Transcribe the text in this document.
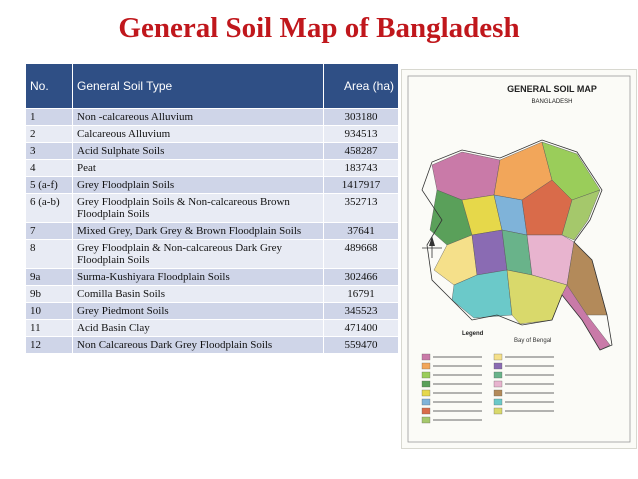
General Soil Map of Bangladesh
No.	General Soil Type	Area (ha)
1	Non -calcareous Alluvium	303180
2	Calcareous Alluvium	934513
3	Acid Sulphate Soils	458287
4	Peat	183743
5 (a-f)	Grey Floodplain Soils	1417917
6 (a-b)	Grey Floodplain Soils & Non-calcareous Brown Floodplain Soils	352713
7	Mixed Grey, Dark Grey & Brown Floodplain Soils	37641
8	Grey Floodplain & Non-calcareous Dark Grey Floodplain Soils	489668
9a	Surma-Kushiyara Floodplain Soils	302466
9b	Comilla Basin Soils	16791
10	Grey Piedmont Soils	345523
11	Acid Basin Clay	471400
12	Non Calcareous Dark Grey Floodplain Soils	559470
GENERAL SOIL MAP
BANGLADESH
Bay of Bengal
Legend
